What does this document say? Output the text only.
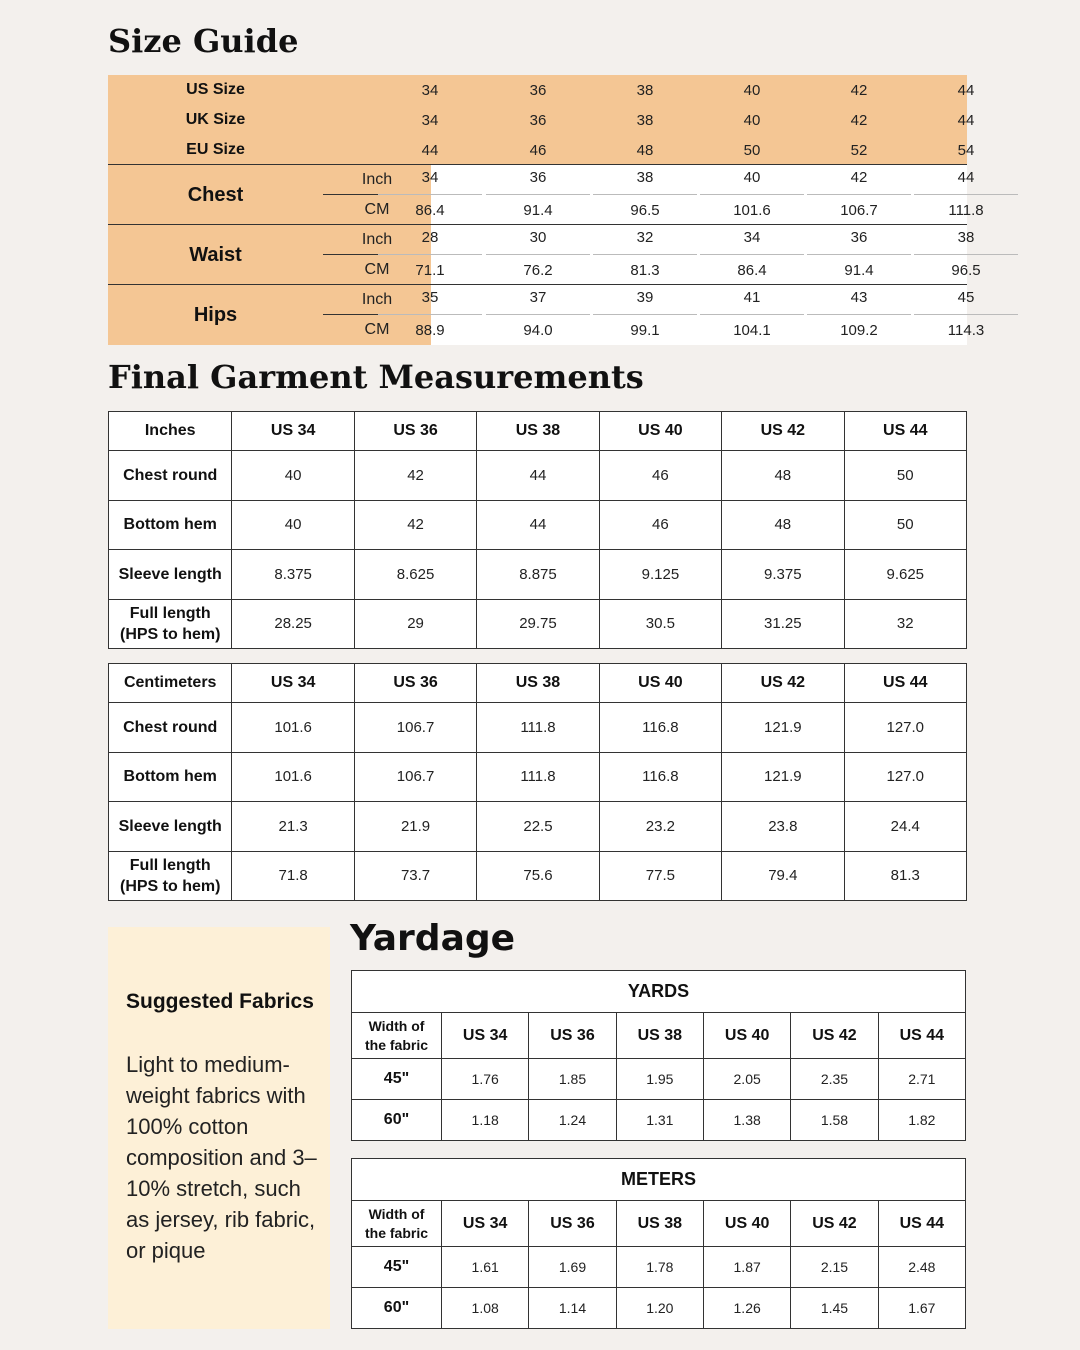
Size Guide
Final Garment Measurements
Yardage
US Size	34	36	38	40	42	44
UK Size	34	36	38	40	42	44
EU Size	44	46	48	50	52	54
Chest
Inch	34	36	38	40	42	44
CM	86.4	91.4	96.5	101.6	106.7	111.8
Waist
Inch	28	30	32	34	36	38
CM	71.1	76.2	81.3	86.4	91.4	96.5
Hips
Inch	35	37	39	41	43	45
CM	88.9	94.0	99.1	104.1	109.2	114.3
Inches	US 34	US 36	US 38	US 40	US 42	US 44

Chest round	40	42	44	46	48	50

Bottom hem	40	42	44	46	48	50

Sleeve length	8.375	8.625	8.875	9.125	9.375	9.625

Full length
(HPS to hem)	28.25	29	29.75	30.5	31.25	32
Centimeters	US 34	US 36	US 38	US 40	US 42	US 44

Chest round	101.6	106.7	111.8	116.8	121.9	127.0

Bottom hem	101.6	106.7	111.8	116.8	121.9	127.0

Sleeve length	21.3	21.9	22.5	23.2	23.8	24.4

Full length
(HPS to hem)	71.8	73.7	75.6	77.5	79.4	81.3
Suggested Fabrics
Light to medium-weight fabrics with 100% cotton composition and 3–10% stretch, such as jersey, rib fabric, or pique
YARDS						

Width of
the fabric	US 34	US 36	US 38	US 40	US 42	US 44
45"	1.76	1.85	1.95	2.05	2.35	2.71
60"	1.18	1.24	1.31	1.38	1.58	1.82
METERS						

Width of
the fabric	US 34	US 36	US 38	US 40	US 42	US 44
45"	1.61	1.69	1.78	1.87	2.15	2.48
60"	1.08	1.14	1.20	1.26	1.45	1.67
